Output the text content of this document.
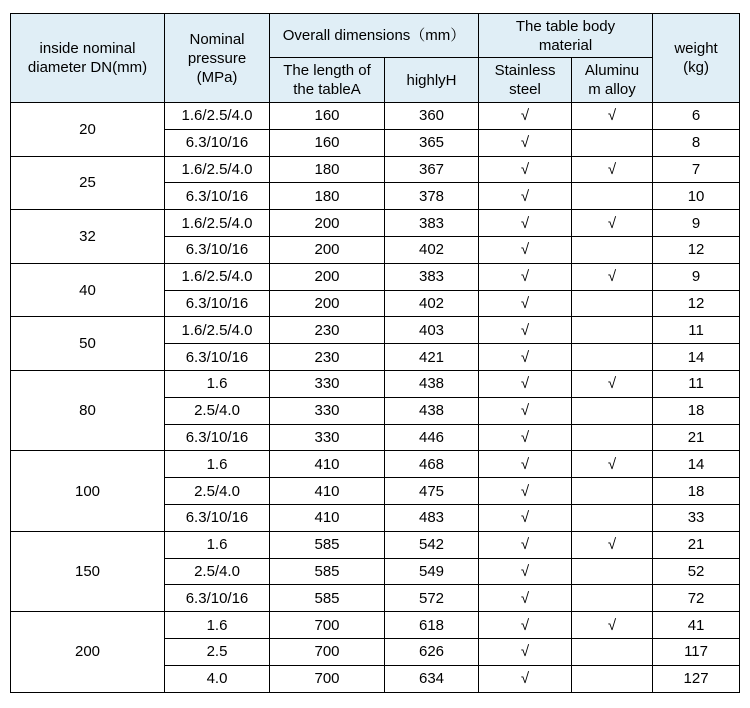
inside nominal diameter DN(mm)	Nominal pressure (MPa)	Overall dimensions（mm）		The table body material		weight (kg)
		The length of the tableA	highlyH	Stainless steel	Aluminu m alloy	
20	1.6/2.5/4.0	160	360	√	√	6
	6.3/10/16	160	365	√		8
25	1.6/2.5/4.0	180	367	√	√	7
	6.3/10/16	180	378	√		10
32	1.6/2.5/4.0	200	383	√	√	9
	6.3/10/16	200	402	√		12
40	1.6/2.5/4.0	200	383	√	√	9
	6.3/10/16	200	402	√		12
50	1.6/2.5/4.0	230	403	√		11
	6.3/10/16	230	421	√		14
80	1.6	330	438	√	√	11
	2.5/4.0	330	438	√		18
	6.3/10/16	330	446	√		21
100	1.6	410	468	√	√	14
	2.5/4.0	410	475	√		18
	6.3/10/16	410	483	√		33
150	1.6	585	542	√	√	21
	2.5/4.0	585	549	√		52
	6.3/10/16	585	572	√		72
200	1.6	700	618	√	√	41
	2.5	700	626	√		117
	4.0	700	634	√		127
